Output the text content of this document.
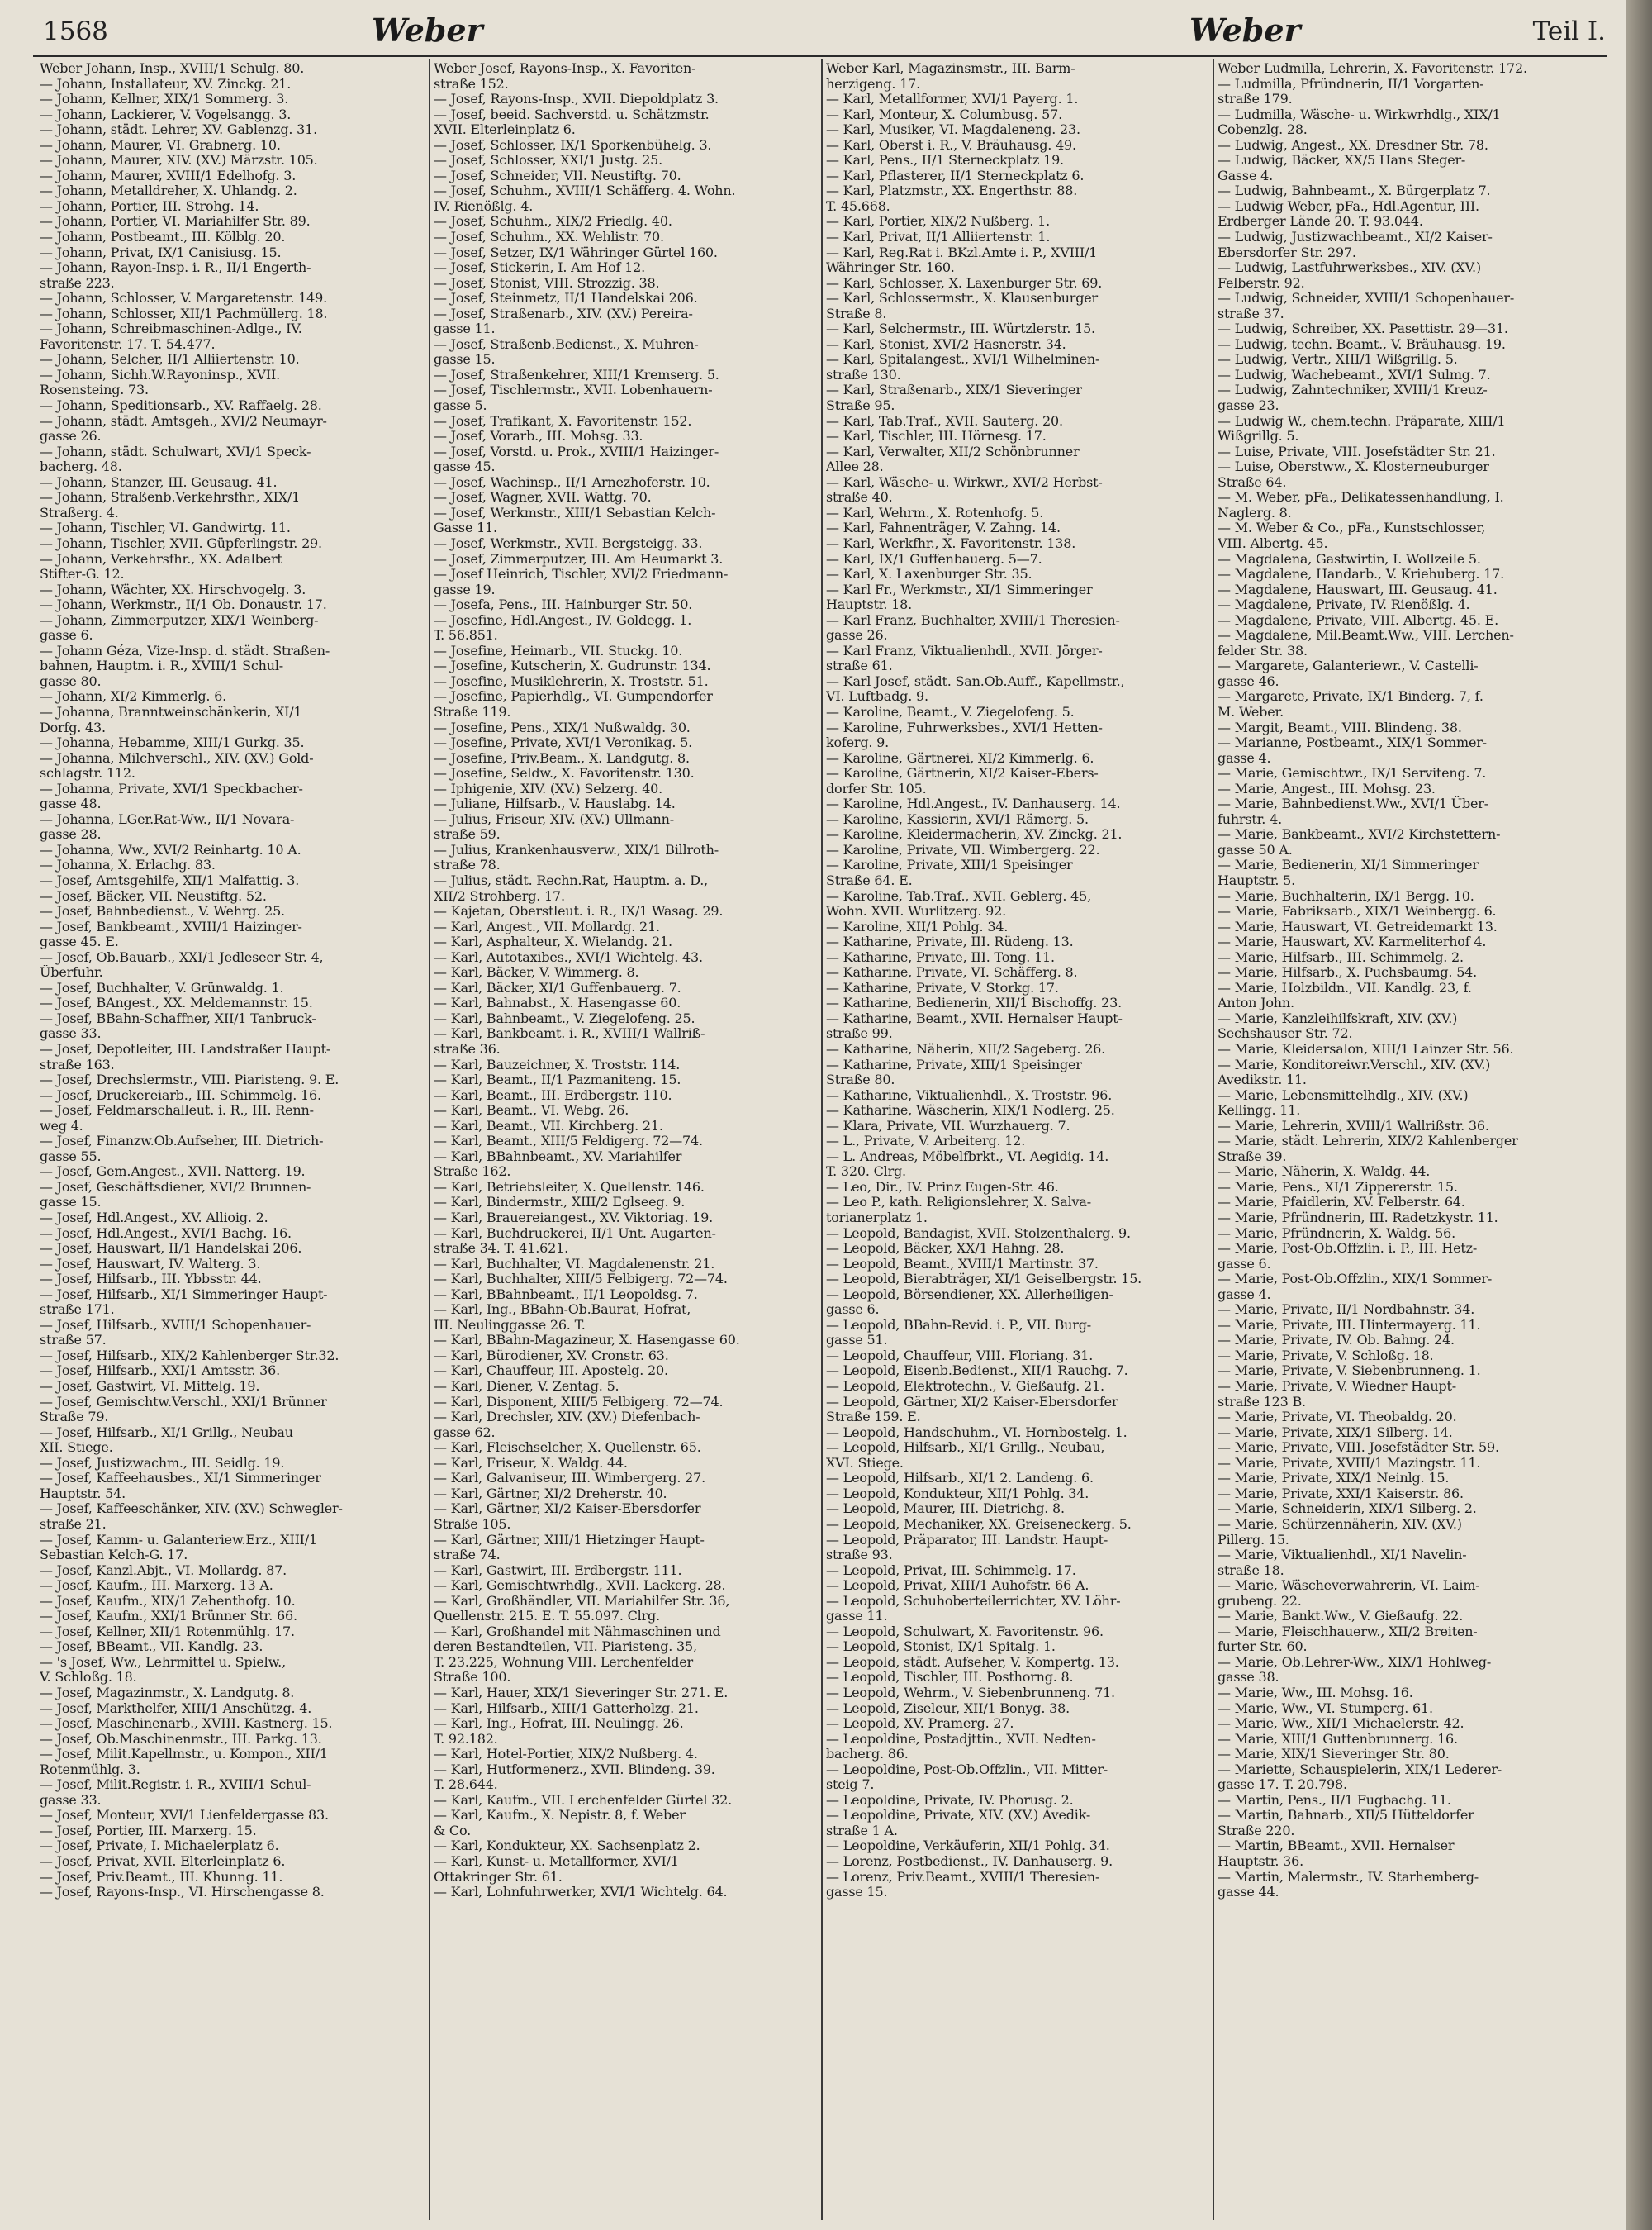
1568	Weber	Weber	Teil I.
Weber Johann, Insp., XVIII/1 Schulg. 80.
— Johann, Installateur, XV. Zinckg. 21.
— Johann, Kellner, XIX/1 Sommerg. 3.
— Johann, Lackierer, V. Vogelsangg. 3.
— Johann, städt. Lehrer, XV. Gablenzg. 31.
— Johann, Maurer, VI. Grabnerg. 10.
— Johann, Maurer, XIV. (XV.) Märzstr. 105.
— Johann, Maurer, XVIII/1 Edelhofg. 3.
— Johann, Metalldreher, X. Uhlandg. 2.
— Johann, Portier, III. Strohg. 14.
— Johann, Portier, VI. Mariahilfer Str. 89.
— Johann, Postbeamt., III. Kölblg. 20.
— Johann, Privat, IX/1 Canisiusg. 15.
— Johann, Rayon-Insp. i. R., II/1 Engerth-
straße 223.
— Johann, Schlosser, V. Margaretenstr. 149.
— Johann, Schlosser, XII/1 Pachmüllerg. 18.
— Johann, Schreibmaschinen-Adlge., IV.
Favoritenstr. 17. T. 54.477.
— Johann, Selcher, II/1 Alliiertenstr. 10.
— Johann, Sichh.W.Rayoninsp., XVII.
Rosensteing. 73.
— Johann, Speditionsarb., XV. Raffaelg. 28.
— Johann, städt. Amtsgeh., XVI/2 Neumayr-
gasse 26.
— Johann, städt. Schulwart, XVI/1 Speck-
bacherg. 48.
— Johann, Stanzer, III. Geusaug. 41.
— Johann, Straßenb.Verkehrsfhr., XIX/1
Straßerg. 4.
— Johann, Tischler, VI. Gandwirtg. 11.
— Johann, Tischler, XVII. Güpferlingstr. 29.
— Johann, Verkehrsfhr., XX. Adalbert
Stifter-G. 12.
— Johann, Wächter, XX. Hirschvogelg. 3.
— Johann, Werkmstr., II/1 Ob. Donaustr. 17.
— Johann, Zimmerputzer, XIX/1 Weinberg-
gasse 6.
— Johann Géza, Vize-Insp. d. städt. Straßen-
bahnen, Hauptm. i. R., XVIII/1 Schul-
gasse 80.
— Johann, XI/2 Kimmerlg. 6.
— Johanna, Branntweinschänkerin, XI/1
Dorfg. 43.
— Johanna, Hebamme, XIII/1 Gurkg. 35.
— Johanna, Milchverschl., XIV. (XV.) Gold-
schlagstr. 112.
— Johanna, Private, XVI/1 Speckbacher-
gasse 48.
— Johanna, LGer.Rat-Ww., II/1 Novara-
gasse 28.
— Johanna, Ww., XVI/2 Reinhartg. 10 A.
— Johanna, X. Erlachg. 83.
— Josef, Amtsgehilfe, XII/1 Malfattig. 3.
— Josef, Bäcker, VII. Neustiftg. 52.
— Josef, Bahnbedienst., V. Wehrg. 25.
— Josef, Bankbeamt., XVIII/1 Haizinger-
gasse 45. E.
— Josef, Ob.Bauarb., XXI/1 Jedleseer Str. 4,
Überfuhr.
— Josef, Buchhalter, V. Grünwaldg. 1.
— Josef, BAngest., XX. Meldemannstr. 15.
— Josef, BBahn-Schaffner, XII/1 Tanbruck-
gasse 33.
— Josef, Depotleiter, III. Landstraßer Haupt-
straße 163.
— Josef, Drechslermstr., VIII. Piaristeng. 9. E.
— Josef, Druckereiarb., III. Schimmelg. 16.
— Josef, Feldmarschalleut. i. R., III. Renn-
weg 4.
— Josef, Finanzw.Ob.Aufseher, III. Dietrich-
gasse 55.
— Josef, Gem.Angest., XVII. Natterg. 19.
— Josef, Geschäftsdiener, XVI/2 Brunnen-
gasse 15.
— Josef, Hdl.Angest., XV. Allioig. 2.
— Josef, Hdl.Angest., XVI/1 Bachg. 16.
— Josef, Hauswart, II/1 Handelskai 206.
— Josef, Hauswart, IV. Walterg. 3.
— Josef, Hilfsarb., III. Ybbsstr. 44.
— Josef, Hilfsarb., XI/1 Simmeringer Haupt-
straße 171.
— Josef, Hilfsarb., XVIII/1 Schopenhauer-
straße 57.
— Josef, Hilfsarb., XIX/2 Kahlenberger Str.32.
— Josef, Hilfsarb., XXI/1 Amtsstr. 36.
— Josef, Gastwirt, VI. Mittelg. 19.
— Josef, Gemischtw.Verschl., XXI/1 Brünner
Straße 79.
— Josef, Hilfsarb., XI/1 Grillg., Neubau
XII. Stiege.
— Josef, Justizwachm., III. Seidlg. 19.
— Josef, Kaffeehausbes., XI/1 Simmeringer
Hauptstr. 54.
— Josef, Kaffeeschänker, XIV. (XV.) Schwegler-
straße 21.
— Josef, Kamm- u. Galanteriew.Erz., XIII/1
Sebastian Kelch-G. 17.
— Josef, Kanzl.Abjt., VI. Mollardg. 87.
— Josef, Kaufm., III. Marxerg. 13 A.
— Josef, Kaufm., XIX/1 Zehenthofg. 10.
— Josef, Kaufm., XXI/1 Brünner Str. 66.
— Josef, Kellner, XII/1 Rotenmühlg. 17.
— Josef, BBeamt., VII. Kandlg. 23.
— 's Josef, Ww., Lehrmittel u. Spielw.,
V. Schloßg. 18.
— Josef, Magazinmstr., X. Landgutg. 8.
— Josef, Markthelfer, XIII/1 Anschützg. 4.
— Josef, Maschinenarb., XVIII. Kastnerg. 15.
— Josef, Ob.Maschinenmstr., III. Parkg. 13.
— Josef, Milit.Kapellmstr., u. Kompon., XII/1
Rotenmühlg. 3.
— Josef, Milit.Registr. i. R., XVIII/1 Schul-
gasse 33.
— Josef, Monteur, XVI/1 Lienfeldergasse 83.
— Josef, Portier, III. Marxerg. 15.
— Josef, Private, I. Michaelerplatz 6.
— Josef, Privat, XVII. Elterleinplatz 6.
— Josef, Priv.Beamt., III. Khunng. 11.
— Josef, Rayons-Insp., VI. Hirschengasse 8.
Weber Josef, Rayons-Insp., X. Favoriten-
straße 152.
— Josef, Rayons-Insp., XVII. Diepoldplatz 3.
— Josef, beeid. Sachverstd. u. Schätzmstr.
XVII. Elterleinplatz 6.
— Josef, Schlosser, IX/1 Sporkenbühelg. 3.
— Josef, Schlosser, XXI/1 Justg. 25.
— Josef, Schneider, VII. Neustiftg. 70.
— Josef, Schuhm., XVIII/1 Schäfferg. 4. Wohn.
IV. Rienößlg. 4.
— Josef, Schuhm., XIX/2 Friedlg. 40.
— Josef, Schuhm., XX. Wehlistr. 70.
— Josef, Setzer, IX/1 Währinger Gürtel 160.
— Josef, Stickerin, I. Am Hof 12.
— Josef, Stonist, VIII. Strozzig. 38.
— Josef, Steinmetz, II/1 Handelskai 206.
— Josef, Straßenarb., XIV. (XV.) Pereira-
gasse 11.
— Josef, Straßenb.Bedienst., X. Muhren-
gasse 15.
— Josef, Straßenkehrer, XIII/1 Kremserg. 5.
— Josef, Tischlermstr., XVII. Lobenhauern-
gasse 5.
— Josef, Trafikant, X. Favoritenstr. 152.
— Josef, Vorarb., III. Mohsg. 33.
— Josef, Vorstd. u. Prok., XVIII/1 Haizinger-
gasse 45.
— Josef, Wachinsp., II/1 Arnezhoferstr. 10.
— Josef, Wagner, XVII. Wattg. 70.
— Josef, Werkmstr., XIII/1 Sebastian Kelch-
Gasse 11.
— Josef, Werkmstr., XVII. Bergsteigg. 33.
— Josef, Zimmerputzer, III. Am Heumarkt 3.
— Josef Heinrich, Tischler, XVI/2 Friedmann-
gasse 19.
— Josefa, Pens., III. Hainburger Str. 50.
— Josefine, Hdl.Angest., IV. Goldegg. 1.
T. 56.851.
— Josefine, Heimarb., VII. Stuckg. 10.
— Josefine, Kutscherin, X. Gudrunstr. 134.
— Josefine, Musiklehrerin, X. Troststr. 51.
— Josefine, Papierhdlg., VI. Gumpendorfer
Straße 119.
— Josefine, Pens., XIX/1 Nußwaldg. 30.
— Josefine, Private, XVI/1 Veronikag. 5.
— Josefine, Priv.Beam., X. Landgutg. 8.
— Josefine, Seldw., X. Favoritenstr. 130.
— Iphigenie, XIV. (XV.) Selzerg. 40.
— Juliane, Hilfsarb., V. Hauslabg. 14.
— Julius, Friseur, XIV. (XV.) Ullmann-
straße 59.
— Julius, Krankenhausverw., XIX/1 Billroth-
straße 78.
— Julius, städt. Rechn.Rat, Hauptm. a. D.,
XII/2 Strohberg. 17.
— Kajetan, Oberstleut. i. R., IX/1 Wasag. 29.
— Karl, Angest., VII. Mollardg. 21.
— Karl, Asphalteur, X. Wielandg. 21.
— Karl, Autotaxibes., XVI/1 Wichtelg. 43.
— Karl, Bäcker, V. Wimmerg. 8.
— Karl, Bäcker, XI/1 Guffenbauerg. 7.
— Karl, Bahnabst., X. Hasengasse 60.
— Karl, Bahnbeamt., V. Ziegelofeng. 25.
— Karl, Bankbeamt. i. R., XVIII/1 Wallriß-
straße 36.
— Karl, Bauzeichner, X. Troststr. 114.
— Karl, Beamt., II/1 Pazmaniteng. 15.
— Karl, Beamt., III. Erdbergstr. 110.
— Karl, Beamt., VI. Webg. 26.
— Karl, Beamt., VII. Kirchberg. 21.
— Karl, Beamt., XIII/5 Feldigerg. 72—74.
— Karl, BBahnbeamt., XV. Mariahilfer
Straße 162.
— Karl, Betriebsleiter, X. Quellenstr. 146.
— Karl, Bindermstr., XIII/2 Eglseeg. 9.
— Karl, Brauereiangest., XV. Viktoriag. 19.
— Karl, Buchdruckerei, II/1 Unt. Augarten-
straße 34. T. 41.621.
— Karl, Buchhalter, VI. Magdalenenstr. 21.
— Karl, Buchhalter, XIII/5 Felbigerg. 72—74.
— Karl, BBahnbeamt., II/1 Leopoldsg. 7.
— Karl, Ing., BBahn-Ob.Baurat, Hofrat,
III. Neulinggasse 26. T.
— Karl, BBahn-Magazineur, X. Hasengasse 60.
— Karl, Bürodiener, XV. Cronstr. 63.
— Karl, Chauffeur, III. Apostelg. 20.
— Karl, Diener, V. Zentag. 5.
— Karl, Disponent, XIII/5 Felbigerg. 72—74.
— Karl, Drechsler, XIV. (XV.) Diefenbach-
gasse 62.
— Karl, Fleischselcher, X. Quellenstr. 65.
— Karl, Friseur, X. Waldg. 44.
— Karl, Galvaniseur, III. Wimbergerg. 27.
— Karl, Gärtner, XI/2 Dreherstr. 40.
— Karl, Gärtner, XI/2 Kaiser-Ebersdorfer
Straße 105.
— Karl, Gärtner, XIII/1 Hietzinger Haupt-
straße 74.
— Karl, Gastwirt, III. Erdbergstr. 111.
— Karl, Gemischtwrhdlg., XVII. Lackerg. 28.
— Karl, Großhändler, VII. Mariahilfer Str. 36,
Quellenstr. 215. E. T. 55.097. Clrg.
— Karl, Großhandel mit Nähmaschinen und
deren Bestandteilen, VII. Piaristeng. 35,
T. 23.225, Wohnung VIII. Lerchenfelder
Straße 100.
— Karl, Hauer, XIX/1 Sieveringer Str. 271. E.
— Karl, Hilfsarb., XIII/1 Gatterholzg. 21.
— Karl, Ing., Hofrat, III. Neulingg. 26.
T. 92.182.
— Karl, Hotel-Portier, XIX/2 Nußberg. 4.
— Karl, Hutformenerz., XVII. Blindeng. 39.
T. 28.644.
— Karl, Kaufm., VII. Lerchenfelder Gürtel 32.
— Karl, Kaufm., X. Nepistr. 8, f. Weber
& Co.
— Karl, Kondukteur, XX. Sachsenplatz 2.
— Karl, Kunst- u. Metallformer, XVI/1
Ottakringer Str. 61.
— Karl, Lohnfuhrwerker, XVI/1 Wichtelg. 64.
Weber Karl, Magazinsmstr., III. Barm-
herzigeng. 17.
— Karl, Metallformer, XVI/1 Payerg. 1.
— Karl, Monteur, X. Columbusg. 57.
— Karl, Musiker, VI. Magdaleneng. 23.
— Karl, Oberst i. R., V. Bräuhausg. 49.
— Karl, Pens., II/1 Sterneckplatz 19.
— Karl, Pflasterer, II/1 Sterneckplatz 6.
— Karl, Platzmstr., XX. Engerthstr. 88.
T. 45.668.
— Karl, Portier, XIX/2 Nußberg. 1.
— Karl, Privat, II/1 Alliiertenstr. 1.
— Karl, Reg.Rat i. BKzl.Amte i. P., XVIII/1
Währinger Str. 160.
— Karl, Schlosser, X. Laxenburger Str. 69.
— Karl, Schlossermstr., X. Klausenburger
Straße 8.
— Karl, Selchermstr., III. Würtzlerstr. 15.
— Karl, Stonist, XVI/2 Hasnerstr. 34.
— Karl, Spitalangest., XVI/1 Wilhelminen-
straße 130.
— Karl, Straßenarb., XIX/1 Sieveringer
Straße 95.
— Karl, Tab.Traf., XVII. Sauterg. 20.
— Karl, Tischler, III. Hörnesg. 17.
— Karl, Verwalter, XII/2 Schönbrunner
Allee 28.
— Karl, Wäsche- u. Wirkwr., XVI/2 Herbst-
straße 40.
— Karl, Wehrm., X. Rotenhofg. 5.
— Karl, Fahnenträger, V. Zahng. 14.
— Karl, Werkfhr., X. Favoritenstr. 138.
— Karl, IX/1 Guffenbauerg. 5—7.
— Karl, X. Laxenburger Str. 35.
— Karl Fr., Werkmstr., XI/1 Simmeringer
Hauptstr. 18.
— Karl Franz, Buchhalter, XVIII/1 Theresien-
gasse 26.
— Karl Franz, Viktualienhdl., XVII. Jörger-
straße 61.
— Karl Josef, städt. San.Ob.Auff., Kapellmstr.,
VI. Luftbadg. 9.
— Karoline, Beamt., V. Ziegelofeng. 5.
— Karoline, Fuhrwerksbes., XVI/1 Hetten-
koferg. 9.
— Karoline, Gärtnerei, XI/2 Kimmerlg. 6.
— Karoline, Gärtnerin, XI/2 Kaiser-Ebers-
dorfer Str. 105.
— Karoline, Hdl.Angest., IV. Danhauserg. 14.
— Karoline, Kassierin, XVI/1 Rämerg. 5.
— Karoline, Kleidermacherin, XV. Zinckg. 21.
— Karoline, Private, VII. Wimbergerg. 22.
— Karoline, Private, XIII/1 Speisinger
Straße 64. E.
— Karoline, Tab.Traf., XVII. Geblerg. 45,
Wohn. XVII. Wurlitzerg. 92.
— Karoline, XII/1 Pohlg. 34.
— Katharine, Private, III. Rüdeng. 13.
— Katharine, Private, III. Tong. 11.
— Katharine, Private, VI. Schäfferg. 8.
— Katharine, Private, V. Storkg. 17.
— Katharine, Bedienerin, XII/1 Bischoffg. 23.
— Katharine, Beamt., XVII. Hernalser Haupt-
straße 99.
— Katharine, Näherin, XII/2 Sageberg. 26.
— Katharine, Private, XIII/1 Speisinger
Straße 80.
— Katharine, Viktualienhdl., X. Troststr. 96.
— Katharine, Wäscherin, XIX/1 Nodlerg. 25.
— Klara, Private, VII. Wurzhauerg. 7.
— L., Private, V. Arbeiterg. 12.
— L. Andreas, Möbelfbrkt., VI. Aegidig. 14.
T. 320. Clrg.
— Leo, Dir., IV. Prinz Eugen-Str. 46.
— Leo P., kath. Religionslehrer, X. Salva-
torianerplatz 1.
— Leopold, Bandagist, XVII. Stolzenthalerg. 9.
— Leopold, Bäcker, XX/1 Hahng. 28.
— Leopold, Beamt., XVIII/1 Martinstr. 37.
— Leopold, Bierabträger, XI/1 Geiselbergstr. 15.
— Leopold, Börsendiener, XX. Allerheiligen-
gasse 6.
— Leopold, BBahn-Revid. i. P., VII. Burg-
gasse 51.
— Leopold, Chauffeur, VIII. Floriang. 31.
— Leopold, Eisenb.Bedienst., XII/1 Rauchg. 7.
— Leopold, Elektrotechn., V. Gießaufg. 21.
— Leopold, Gärtner, XI/2 Kaiser-Ebersdorfer
Straße 159. E.
— Leopold, Handschuhm., VI. Hornbostelg. 1.
— Leopold, Hilfsarb., XI/1 Grillg., Neubau,
XVI. Stiege.
— Leopold, Hilfsarb., XI/1 2. Landeng. 6.
— Leopold, Kondukteur, XII/1 Pohlg. 34.
— Leopold, Maurer, III. Dietrichg. 8.
— Leopold, Mechaniker, XX. Greiseneckerg. 5.
— Leopold, Präparator, III. Landstr. Haupt-
straße 93.
— Leopold, Privat, III. Schimmelg. 17.
— Leopold, Privat, XIII/1 Auhofstr. 66 A.
— Leopold, Schuhoberteilerrichter, XV. Löhr-
gasse 11.
— Leopold, Schulwart, X. Favoritenstr. 96.
— Leopold, Stonist, IX/1 Spitalg. 1.
— Leopold, städt. Aufseher, V. Kompertg. 13.
— Leopold, Tischler, III. Posthorng. 8.
— Leopold, Wehrm., V. Siebenbrunneng. 71.
— Leopold, Ziseleur, XII/1 Bonyg. 38.
— Leopold, XV. Pramerg. 27.
— Leopoldine, Postadjttin., XVII. Nedten-
bacherg. 86.
— Leopoldine, Post-Ob.Offzlin., VII. Mitter-
steig 7.
— Leopoldine, Private, IV. Phorusg. 2.
— Leopoldine, Private, XIV. (XV.) Avedik-
straße 1 A.
— Leopoldine, Verkäuferin, XII/1 Pohlg. 34.
— Lorenz, Postbedienst., IV. Danhauserg. 9.
— Lorenz, Priv.Beamt., XVIII/1 Theresien-
gasse 15.
Weber Ludmilla, Lehrerin, X. Favoritenstr. 172.
— Ludmilla, Pfründnerin, II/1 Vorgarten-
straße 179.
— Ludmilla, Wäsche- u. Wirkwrhdlg., XIX/1
Cobenzlg. 28.
— Ludwig, Angest., XX. Dresdner Str. 78.
— Ludwig, Bäcker, XX/5 Hans Steger-
Gasse 4.
— Ludwig, Bahnbeamt., X. Bürgerplatz 7.
— Ludwig Weber, pFa., Hdl.Agentur, III.
Erdberger Lände 20. T. 93.044.
— Ludwig, Justizwachbeamt., XI/2 Kaiser-
Ebersdorfer Str. 297.
— Ludwig, Lastfuhrwerksbes., XIV. (XV.)
Felberstr. 92.
— Ludwig, Schneider, XVIII/1 Schopenhauer-
straße 37.
— Ludwig, Schreiber, XX. Pasettistr. 29—31.
— Ludwig, techn. Beamt., V. Bräuhausg. 19.
— Ludwig, Vertr., XIII/1 Wißgrillg. 5.
— Ludwig, Wachebeamt., XVI/1 Sulmg. 7.
— Ludwig, Zahntechniker, XVIII/1 Kreuz-
gasse 23.
— Ludwig W., chem.techn. Präparate, XIII/1
Wißgrillg. 5.
— Luise, Private, VIII. Josefstädter Str. 21.
— Luise, Oberstww., X. Klosterneuburger
Straße 64.
— M. Weber, pFa., Delikatessenhandlung, I.
Naglerg. 8.
— M. Weber & Co., pFa., Kunstschlosser,
VIII. Albertg. 45.
— Magdalena, Gastwirtin, I. Wollzeile 5.
— Magdalene, Handarb., V. Kriehuberg. 17.
— Magdalene, Hauswart, III. Geusaug. 41.
— Magdalene, Private, IV. Rienößlg. 4.
— Magdalene, Private, VIII. Albertg. 45. E.
— Magdalene, Mil.Beamt.Ww., VIII. Lerchen-
felder Str. 38.
— Margarete, Galanteriewr., V. Castelli-
gasse 46.
— Margarete, Private, IX/1 Binderg. 7, f.
M. Weber.
— Margit, Beamt., VIII. Blindeng. 38.
— Marianne, Postbeamt., XIX/1 Sommer-
gasse 4.
— Marie, Gemischtwr., IX/1 Serviteng. 7.
— Marie, Angest., III. Mohsg. 23.
— Marie, Bahnbedienst.Ww., XVI/1 Über-
fuhrstr. 4.
— Marie, Bankbeamt., XVI/2 Kirchstettern-
gasse 50 A.
— Marie, Bedienerin, XI/1 Simmeringer
Hauptstr. 5.
— Marie, Buchhalterin, IX/1 Bergg. 10.
— Marie, Fabriksarb., XIX/1 Weinbergg. 6.
— Marie, Hauswart, VI. Getreidemarkt 13.
— Marie, Hauswart, XV. Karmeliterhof 4.
— Marie, Hilfsarb., III. Schimmelg. 2.
— Marie, Hilfsarb., X. Puchsbaumg. 54.
— Marie, Holzbildn., VII. Kandlg. 23, f.
Anton John.
— Marie, Kanzleihilfskraft, XIV. (XV.)
Sechshauser Str. 72.
— Marie, Kleidersalon, XIII/1 Lainzer Str. 56.
— Marie, Konditoreiwr.Verschl., XIV. (XV.)
Avedikstr. 11.
— Marie, Lebensmittelhdlg., XIV. (XV.)
Kellingg. 11.
— Marie, Lehrerin, XVIII/1 Wallrißstr. 36.
— Marie, städt. Lehrerin, XIX/2 Kahlenberger
Straße 39.
— Marie, Näherin, X. Waldg. 44.
— Marie, Pens., XI/1 Zippererstr. 15.
— Marie, Pfaidlerin, XV. Felberstr. 64.
— Marie, Pfründnerin, III. Radetzkystr. 11.
— Marie, Pfründnerin, X. Waldg. 56.
— Marie, Post-Ob.Offzlin. i. P., III. Hetz-
gasse 6.
— Marie, Post-Ob.Offzlin., XIX/1 Sommer-
gasse 4.
— Marie, Private, II/1 Nordbahnstr. 34.
— Marie, Private, III. Hintermayerg. 11.
— Marie, Private, IV. Ob. Bahng. 24.
— Marie, Private, V. Schloßg. 18.
— Marie, Private, V. Siebenbrunneng. 1.
— Marie, Private, V. Wiedner Haupt-
straße 123 B.
— Marie, Private, VI. Theobaldg. 20.
— Marie, Private, XIX/1 Silberg. 14.
— Marie, Private, VIII. Josefstädter Str. 59.
— Marie, Private, XVIII/1 Mazingstr. 11.
— Marie, Private, XIX/1 Neinlg. 15.
— Marie, Private, XXI/1 Kaiserstr. 86.
— Marie, Schneiderin, XIX/1 Silberg. 2.
— Marie, Schürzennäherin, XIV. (XV.)
Pillerg. 15.
— Marie, Viktualienhdl., XI/1 Navelin-
straße 18.
— Marie, Wäscheverwahrerin, VI. Laim-
grubeng. 22.
— Marie, Bankt.Ww., V. Gießaufg. 22.
— Marie, Fleischhauerw., XII/2 Breiten-
furter Str. 60.
— Marie, Ob.Lehrer-Ww., XIX/1 Hohlweg-
gasse 38.
— Marie, Ww., III. Mohsg. 16.
— Marie, Ww., VI. Stumperg. 61.
— Marie, Ww., XII/1 Michaelerstr. 42.
— Marie, XIII/1 Guttenbrunnerg. 16.
— Marie, XIX/1 Sieveringer Str. 80.
— Mariette, Schauspielerin, XIX/1 Lederer-
gasse 17. T. 20.798.
— Martin, Pens., II/1 Fugbachg. 11.
— Martin, Bahnarb., XII/5 Hütteldorfer
Straße 220.
— Martin, BBeamt., XVII. Hernalser
Hauptstr. 36.
— Martin, Malermstr., IV. Starhemberg-
gasse 44.
